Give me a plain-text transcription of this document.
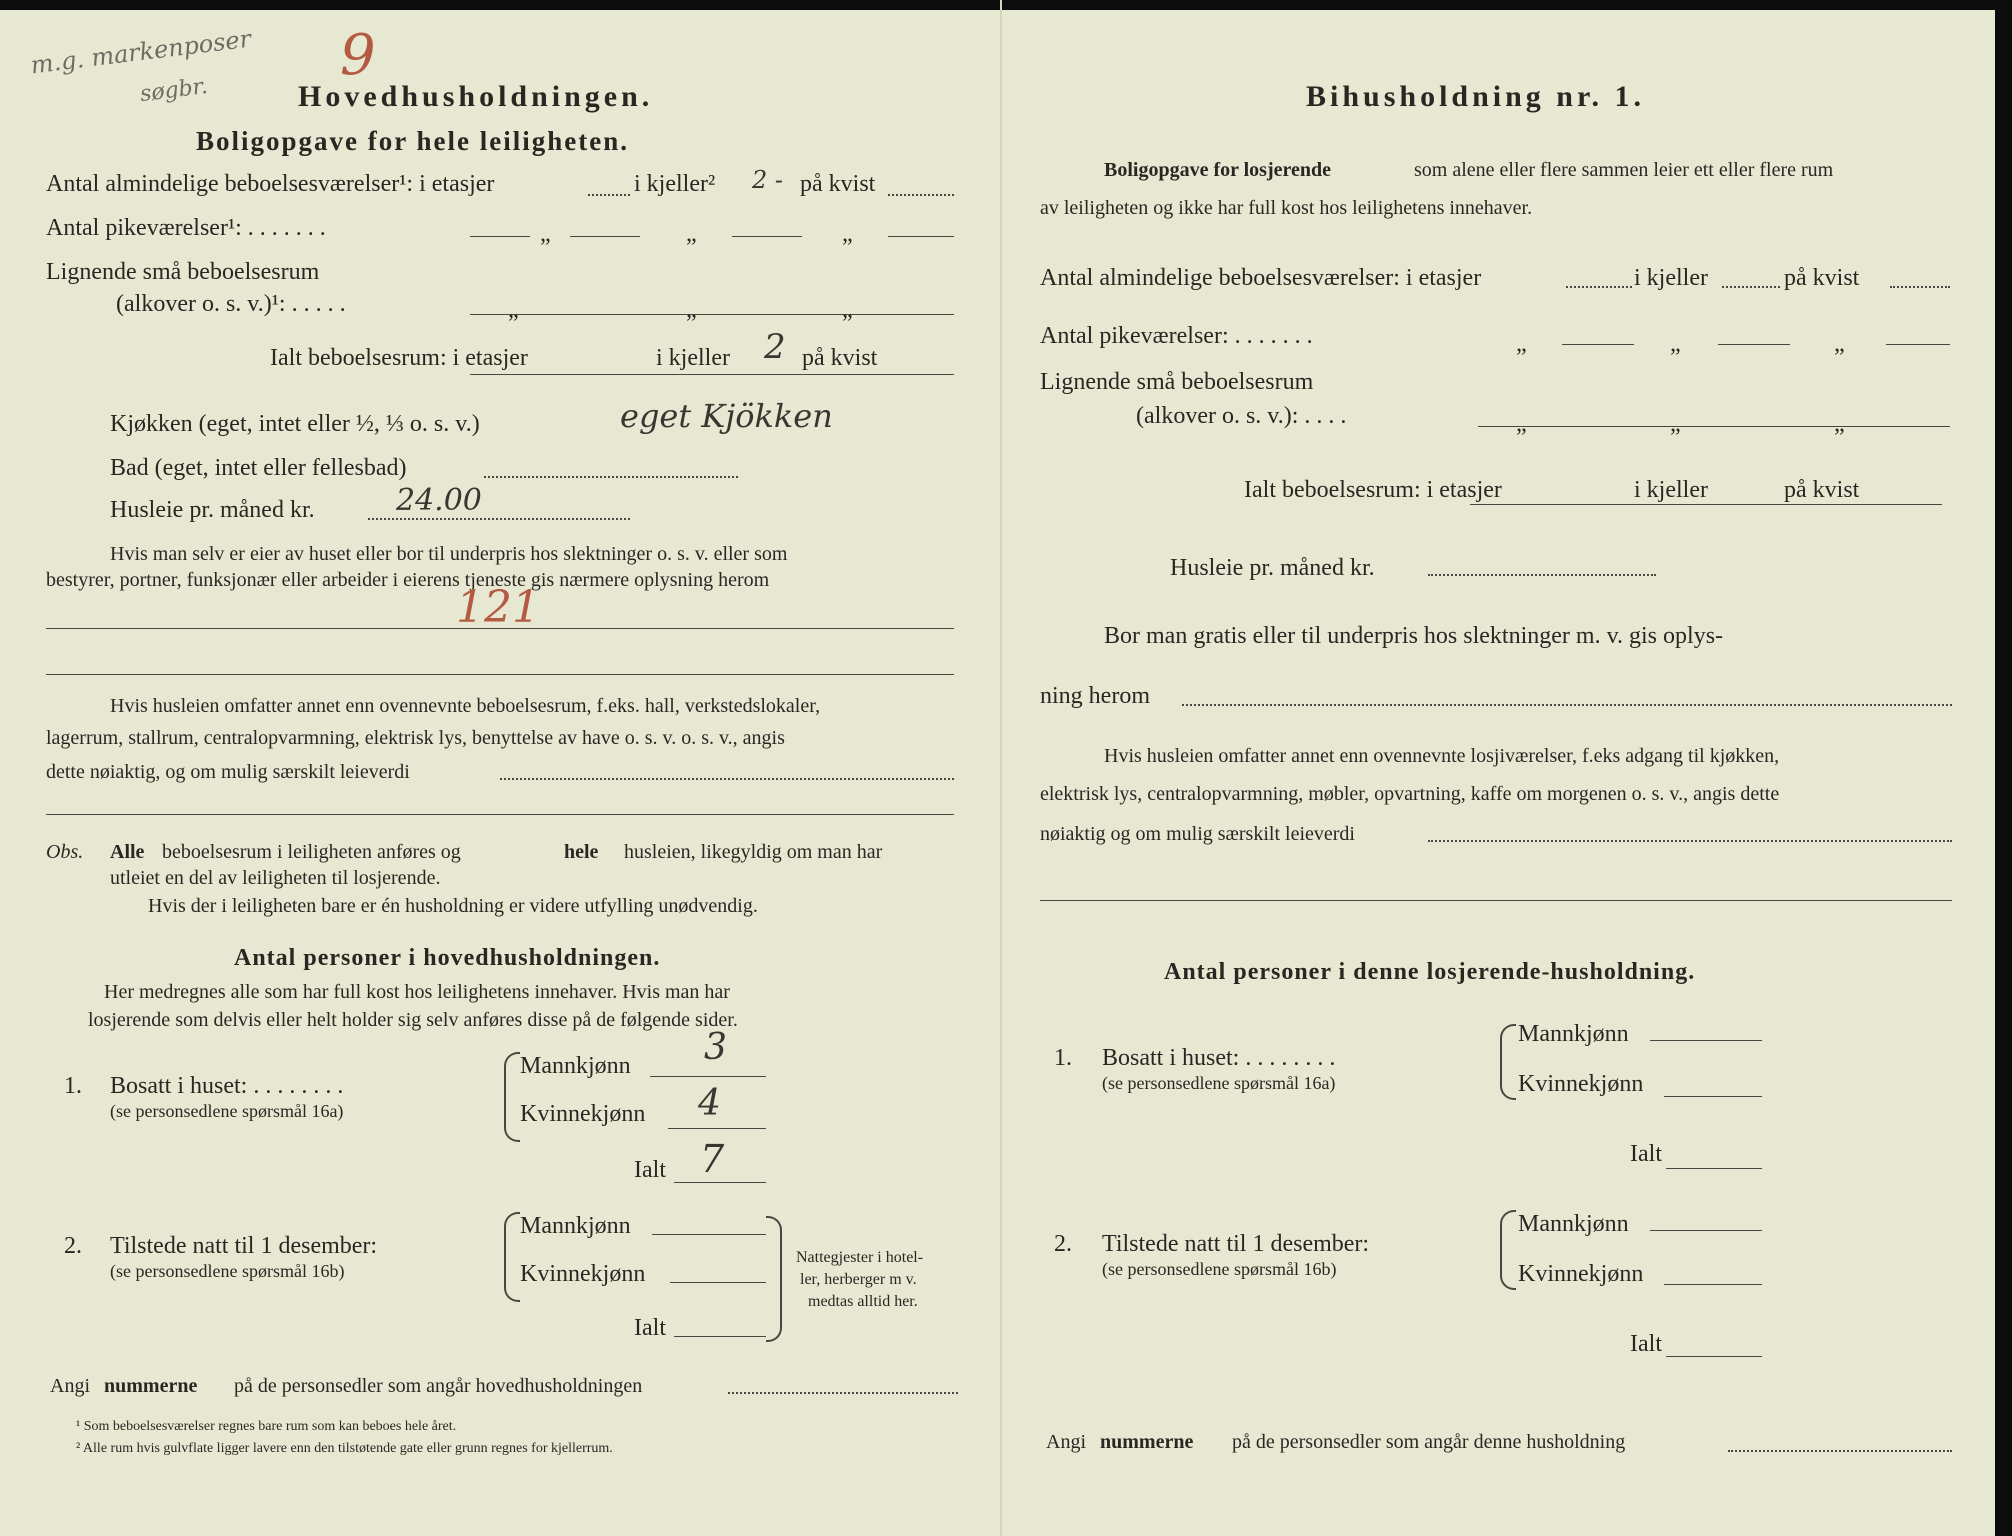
m.g. markenposer
søgbr.
9
Hovedhusholdningen.
Boligopgave for hele leiligheten.
Antal almindelige beboelsesværelser¹: i etasjer	i kjeller² 2 - på kvist
Antal pikeværelser¹: . . . . . . .	„	„	„
Lignende små beboelsesrum
(alkover o. s. v.)¹: . . . . .	„	„	„
Ialt beboelsesrum: i etasjer	i kjeller 2 på kvist
Kjøkken (eget, intet eller ½, ⅓ o. s. v.)	eget Kjökken
Bad (eget, intet eller fellesbad)
Husleie pr. måned kr.	24.00
Hvis man selv er eier av huset eller bor til underpris hos slektninger o. s. v. eller som
bestyrer, portner, funksjonær eller arbeider i eierens tjeneste gis nærmere oplysning herom
121
Hvis husleien omfatter annet enn ovennevnte beboelsesrum, f.eks. hall, verkstedslokaler,
lagerrum, stallrum, centralopvarmning, elektrisk lys, benyttelse av have o. s. v. o. s. v., angis
dette nøiaktig, og om mulig særskilt leieverdi
Obs. Alle beboelsesrum i leiligheten anføres og	hele husleien, likegyldig om man har
utleiet en del av leiligheten til losjerende.
Hvis der i leiligheten bare er én husholdning er videre utfylling unødvendig.
Antal personer i hovedhusholdningen.
Her medregnes alle som har full kost hos leilighetens innehaver. Hvis man har
losjerende som delvis eller helt holder sig selv anføres disse på de følgende sider.
1. Bosatt i huset: . . . . . . . .
(se personsedlene spørsmål 16a)
Mannkjønn 3
Kvinnekjønn 4
Ialt 7
2. Tilstede natt til 1 desember:
(se personsedlene spørsmål 16b)
Mannkjønn
Kvinnekjønn
Ialt
Nattegjester i hotel-
ler, herberger m v.
medtas alltid her.
Angi nummerne på de personsedler som angår hovedhusholdningen
¹ Som beboelsesværelser regnes bare rum som kan beboes hele året.
² Alle rum hvis gulvflate ligger lavere enn den tilstøtende gate eller grunn regnes for kjellerrum.
Bihusholdning nr. 1.
Boligopgave for losjerende	som alene eller flere sammen leier ett eller flere rum
av leiligheten og ikke har full kost hos leilighetens innehaver.
Antal almindelige beboelsesværelser: i etasjer	i kjeller	på kvist
Antal pikeværelser: . . . . . . .	„	„	„
Lignende små beboelsesrum
(alkover o. s. v.): . . . .	„	„	„
Ialt beboelsesrum: i etasjer	i kjeller	på kvist
Husleie pr. måned kr.
Bor man gratis eller til underpris hos slektninger m. v. gis oplys-
ning herom
Hvis husleien omfatter annet enn ovennevnte losjiværelser, f.eks adgang til kjøkken,
elektrisk lys, centralopvarmning, møbler, opvartning, kaffe om morgenen o. s. v., angis dette
nøiaktig og om mulig særskilt leieverdi
Antal personer i denne losjerende-husholdning.
1. Bosatt i huset: . . . . . . . .
(se personsedlene spørsmål 16a)
Mannkjønn
Kvinnekjønn
Ialt
2. Tilstede natt til 1 desember:
(se personsedlene spørsmål 16b)
Mannkjønn
Kvinnekjønn
Ialt
Angi nummerne på de personsedler som angår denne husholdning
